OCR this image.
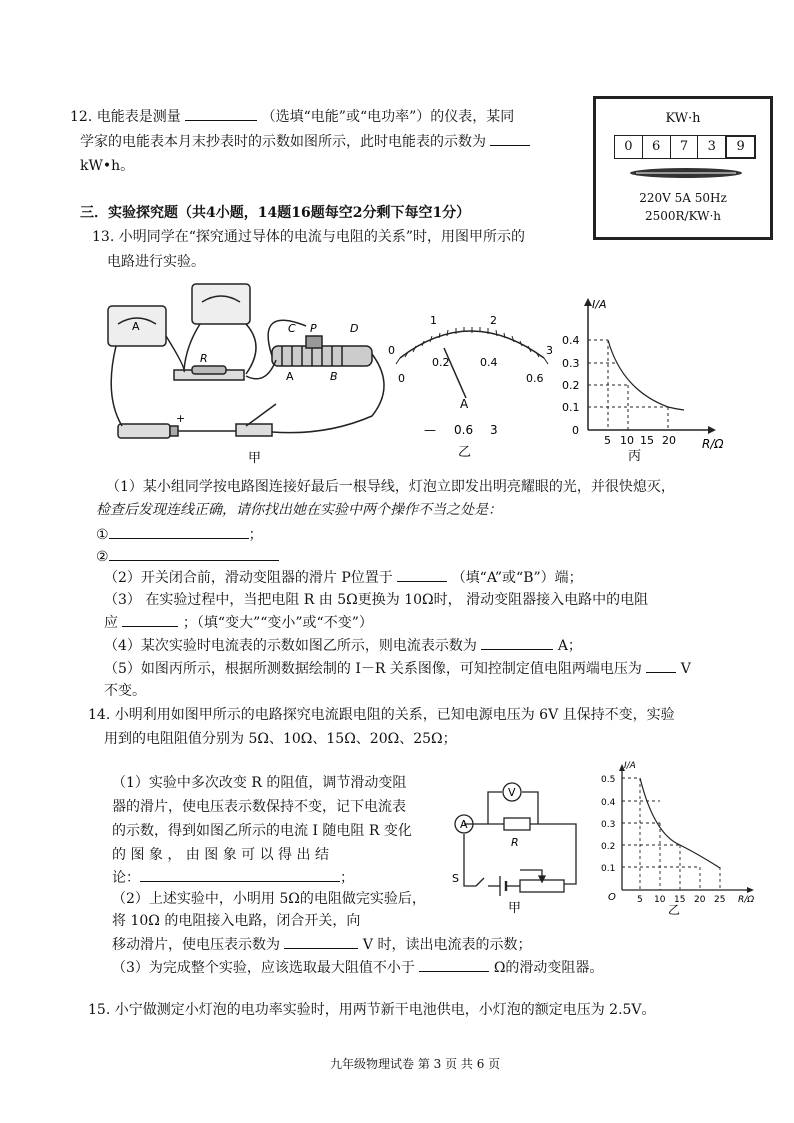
12. 电能表是测量	（选填“电能”或“电功率”）的仪表，某同
学家的电能表本月末抄表时的示数如图所示，此时电能表的示数为
kW•h。
KW·h
0	6	7	3	9
220V 5A 50Hz
2500R/KW·h
三．实验探究题（共4小题，14题16题每空2分剩下每空1分）
13. 小明同学在“探究通过导体的电流与电阻的关系”时，用图甲所示的
电路进行实验。
C P	D
A	B
R
A
+
甲
0
1	2
3
0
0.2	0.4
0.6
A
— 0.6 3
乙
I/A
R/Ω
0.4
0.3
0.2
0.1
0
5 10 15 20
丙
（1）某小组同学按电路图连接好最后一根导线，灯泡立即发出明亮耀眼的光，并很快熄灭，
检查后发现连线正确，请你找出她在实验中两个操作不当之处是：
①	；
②
（2）开关闭合前，滑动变阻器的滑片 P位置于	（填“A”或“B”）端；
（3） 在实验过程中，当把电阻 R 由 5Ω更换为 10Ω时， 滑动变阻器接入电路中的电阻
应	；（填“变大”“变小”或“不变”）
（4）某次实验时电流表的示数如图乙所示，则电流表示数为	A；
（5）如图丙所示，根据所测数据绘制的 I－R 关系图像，可知控制定值电阻两端电压为	V
不变。
14. 小明利用如图甲所示的电路探究电流跟电阻的关系，已知电源电压为 6V 且保持不变，实验
用到的电阻阻值分别为 5Ω、10Ω、15Ω、20Ω、25Ω；
（1）实验中多次改变 R 的阻值，调节滑动变阻
器的滑片，使电压表示数保持不变，记下电流表
的示数，得到如图乙所示的电流 I 随电阻 R 变化
的 图 象 ， 由 图 象 可 以 得 出 结
论：	；
（2）上述实验中，小明用 5Ω的电阻做完实验后，
将 10Ω 的电阻接入电路，闭合开关，向
移动滑片，使电压表示数为	V 时，读出电流表的示数；
（3）为完成整个实验，应该选取最大阻值不小于	Ω的滑动变阻器。
V
A
R
S
甲
I/A
R/Ω
O
0.5
0.4
0.3
0.2
0.1
5 10 15 20 25
乙
15. 小宁做测定小灯泡的电功率实验时，用两节新干电池供电，小灯泡的额定电压为 2.5V。
九年级物理试卷 第 3 页 共 6 页
